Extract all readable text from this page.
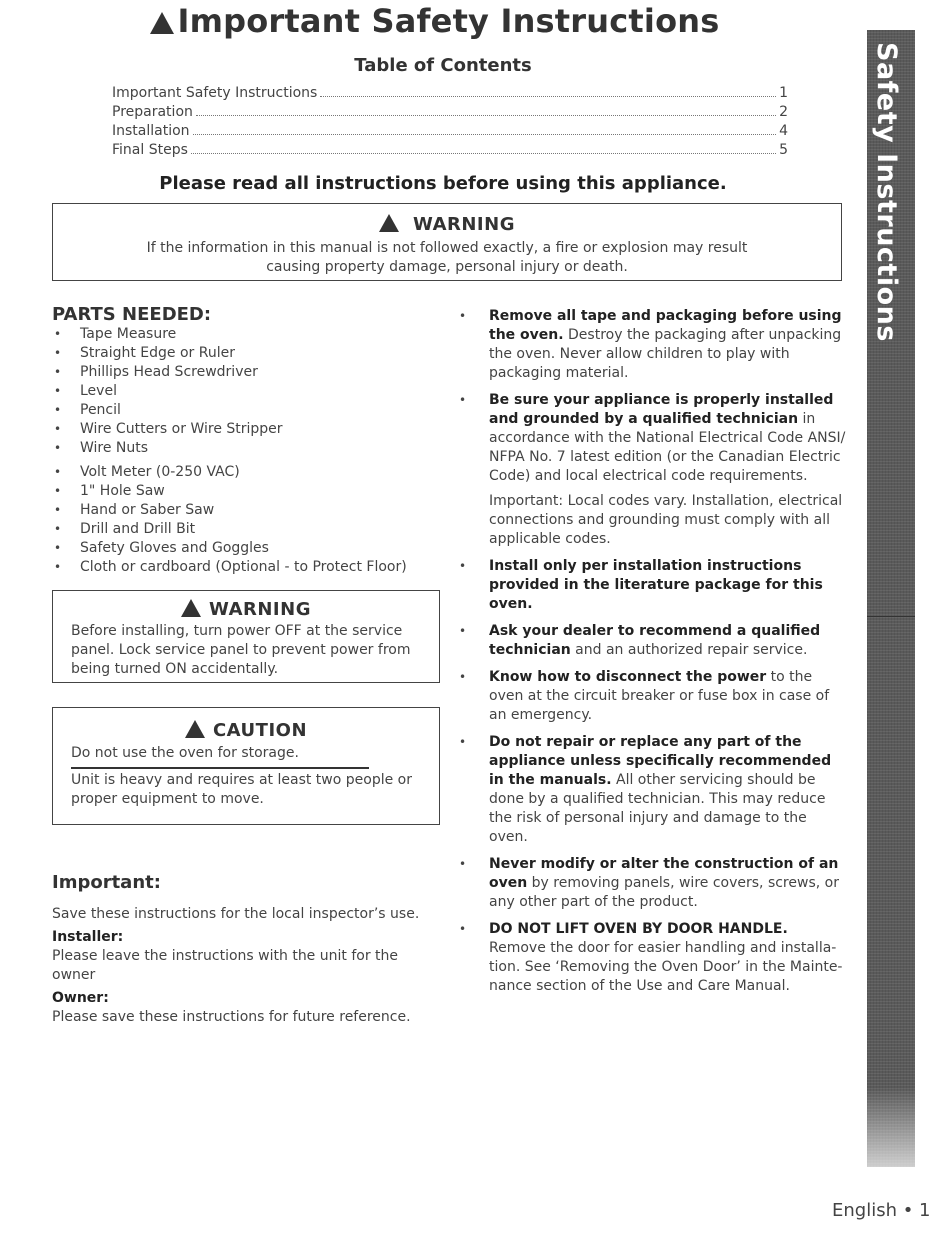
Important Safety Instructions
Table of Contents
Important Safety Instructions	1
Preparation	2
Installation	4
Final Steps	5
Please read all instructions before using this appliance.
WARNING
If the information in this manual is not followed exactly, a fire or explosion may result
causing property damage, personal injury or death.
PARTS NEEDED:
• Tape Measure
• Straight Edge or Ruler
• Phillips Head Screwdriver
• Level
• Pencil
• Wire Cutters or Wire Stripper
• Wire Nuts
• Volt Meter (0-250 VAC)
• 1" Hole Saw
• Hand or Saber Saw
• Drill and Drill Bit
• Safety Gloves and Goggles
• Cloth or cardboard (Optional - to Protect Floor)
WARNING
Before installing, turn power OFF at the service
panel. Lock service panel to prevent power from
being turned ON accidentally.
CAUTION
Do not use the oven for storage.
Unit is heavy and requires at least two people or
proper equipment to move.
Important:
Save these instructions for the local inspector’s use.
Installer:
Please leave the instructions with the unit for the owner
Owner:
Please save these instructions for future reference.
• Remove all tape and packaging before using the oven. Destroy the packaging after unpacking the oven. Never allow children to play with packaging material.
• Be sure your appliance is properly installed and grounded by a qualified technician in accordance with the National Electrical Code ANSI/ NFPA No. 7 latest edition (or the Canadian Electric Code) and local electrical code requirements.
Important: Local codes vary. Installation, electrical connections and grounding must comply with all applicable codes.
• Install only per installation instructions provided in the literature package for this oven.
• Ask your dealer to recommend a qualified technician and an authorized repair service.
• Know how to disconnect the power to the oven at the circuit breaker or fuse box in case of an emergency.
• Do not repair or replace any part of the appliance unless specifically recommended in the manuals. All other servicing should be done by a qualified technician. This may reduce the risk of personal injury and damage to the oven.
• Never modify or alter the construction of an oven by removing panels, wire covers, screws, or any other part of the product.
• DO NOT LIFT OVEN BY DOOR HANDLE. Remove the door for easier handling and installa-tion. See ‘Removing the Oven Door’ in the Mainte-nance section of the Use and Care Manual.
Safety Instructions
English • 1
